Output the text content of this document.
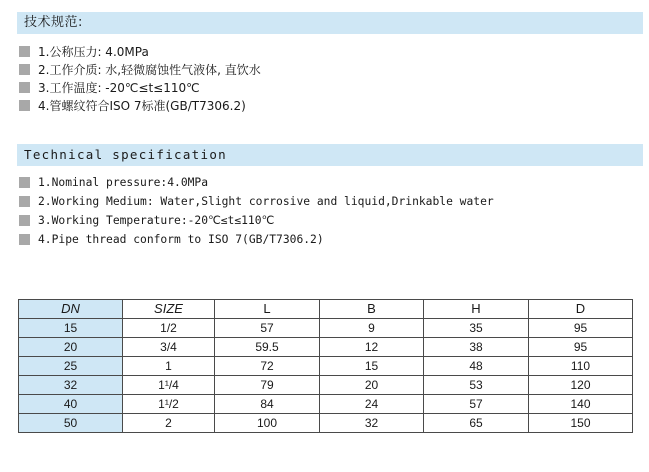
技术规范:
1.公称压力: 4.0MPa
2.工作介质: 水,轻微腐蚀性气液体, 直饮水
3.工作温度: -20℃≤t≤110℃
4.管螺纹符合ISO 7标准(GB/T7306.2)
Technical specification
1.Nominal pressure:4.0MPa
2.Working Medium: Water,Slight corrosive and liquid,Drinkable water
3.Working Temperature:-20℃≤t≤110℃
4.Pipe thread conform to ISO 7(GB/T7306.2)
DN	SIZE	L	B	H	D
15	1/2	57	9	35	95
20	3/4	59.5	12	38	95
25	1	72	15	48	110
32	1¹/4	79	20	53	120
40	1¹/2	84	24	57	140
50	2	100	32	65	150
